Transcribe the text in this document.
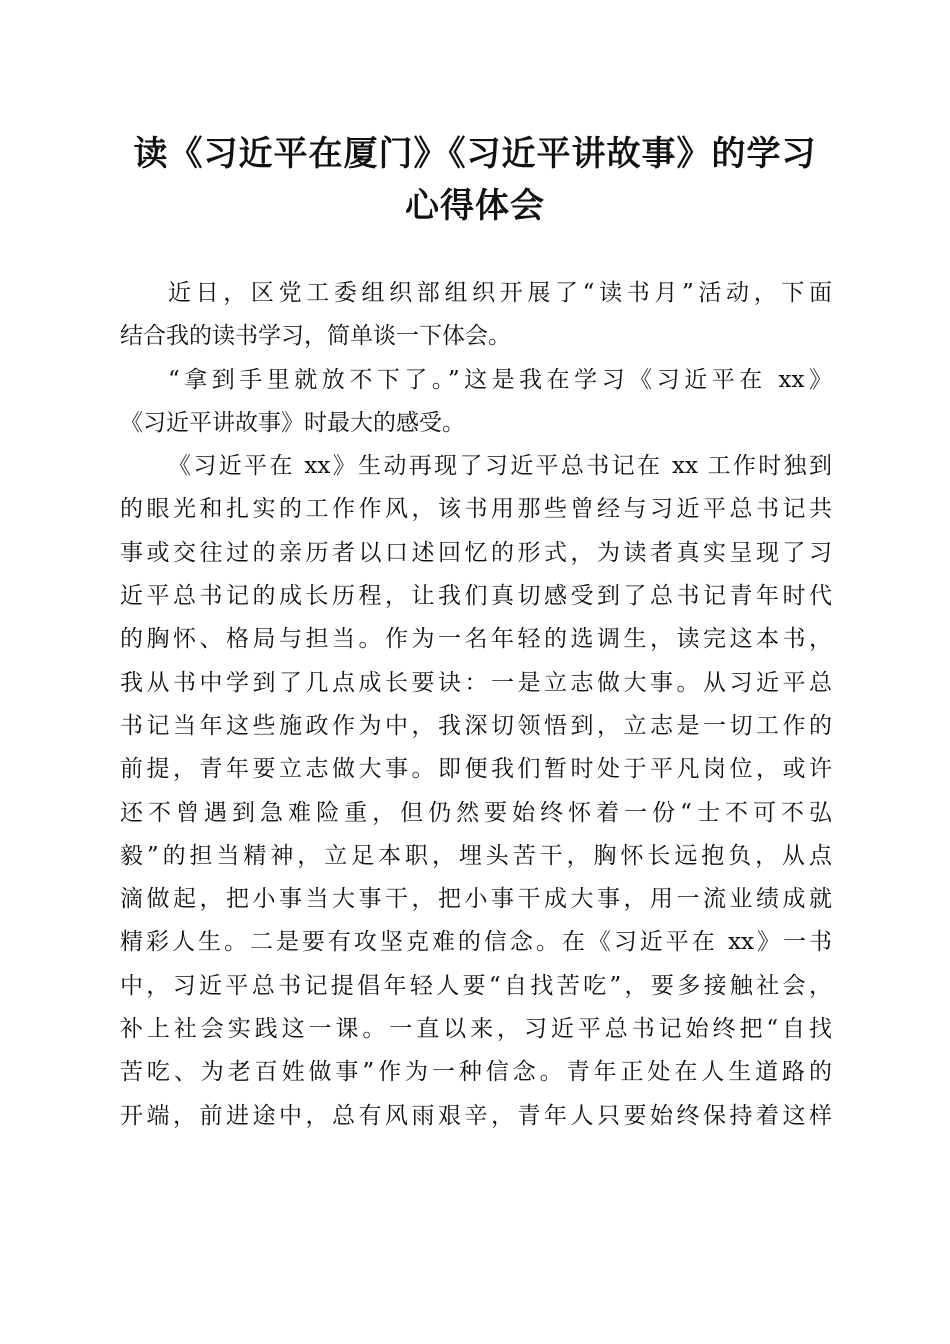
读《习近平在厦门》《习近平讲故事》的学习
心得体会

近日，区党工委组织部组织开展了“读书月”活动，下面
结合我的读书学习，简单谈一下体会。

“拿到手里就放不下了。”这是我在学习《习近平在 xx》
《习近平讲故事》时最大的感受。

《习近平在 xx》生动再现了习近平总书记在 xx 工作时独到
的眼光和扎实的工作作风，该书用那些曾经与习近平总书记共
事或交往过的亲历者以口述回忆的形式，为读者真实呈现了习
近平总书记的成长历程，让我们真切感受到了总书记青年时代
的胸怀、格局与担当。作为一名年轻的选调生，读完这本书，
我从书中学到了几点成长要诀：一是立志做大事。从习近平总
书记当年这些施政作为中，我深切领悟到，立志是一切工作的
前提，青年要立志做大事。即便我们暂时处于平凡岗位，或许
还不曾遇到急难险重，但仍然要始终怀着一份“士不可不弘
毅”的担当精神，立足本职，埋头苦干，胸怀长远抱负，从点
滴做起，把小事当大事干，把小事干成大事，用一流业绩成就
精彩人生。二是要有攻坚克难的信念。在《习近平在 xx》一书
中，习近平总书记提倡年轻人要“自找苦吃”，要多接触社会，
补上社会实践这一课。一直以来，习近平总书记始终把“自找
苦吃、为老百姓做事”作为一种信念。青年正处在人生道路的
开端，前进途中，总有风雨艰辛，青年人只要始终保持着这样
